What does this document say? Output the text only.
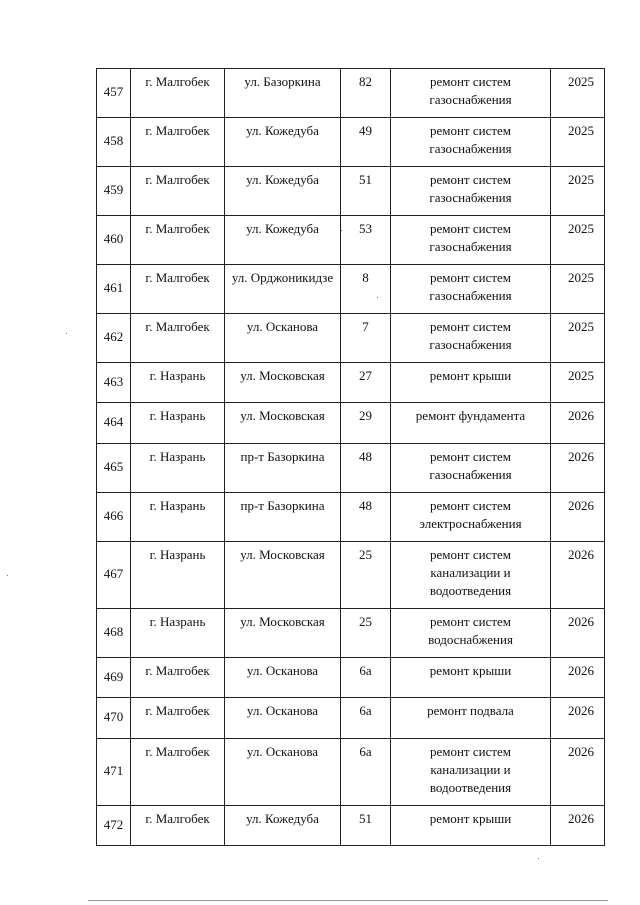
457	г. Малгобек	ул. Базоркина	82	ремонт систем газоснабжения	2025
458	г. Малгобек	ул. Кожедуба	49	ремонт систем газоснабжения	2025
459	г. Малгобек	ул. Кожедуба	51	ремонт систем газоснабжения	2025
460	г. Малгобек	ул. Кожедуба	53	ремонт систем газоснабжения	2025
461	г. Малгобек	ул. Орджоникидзе	8	ремонт систем газоснабжения	2025
462	г. Малгобек	ул. Осканова	7	ремонт систем газоснабжения	2025
463	г. Назрань	ул. Московская	27	ремонт крыши	2025
464	г. Назрань	ул. Московская	29	ремонт фундамента	2026
465	г. Назрань	пр-т Базоркина	48	ремонт систем газоснабжения	2026
466	г. Назрань	пр-т Базоркина	48	ремонт систем электроснабжения	2026
467	г. Назрань	ул. Московская	25	ремонт систем канализации и водоотведения	2026
468	г. Назрань	ул. Московская	25	ремонт систем водоснабжения	2026
469	г. Малгобек	ул. Осканова	6а	ремонт крыши	2026
470	г. Малгобек	ул. Осканова	6а	ремонт подвала	2026
471	г. Малгобек	ул. Осканова	6а	ремонт систем канализации и водоотведения	2026
472	г. Малгобек	ул. Кожедуба	51	ремонт крыши	2026
